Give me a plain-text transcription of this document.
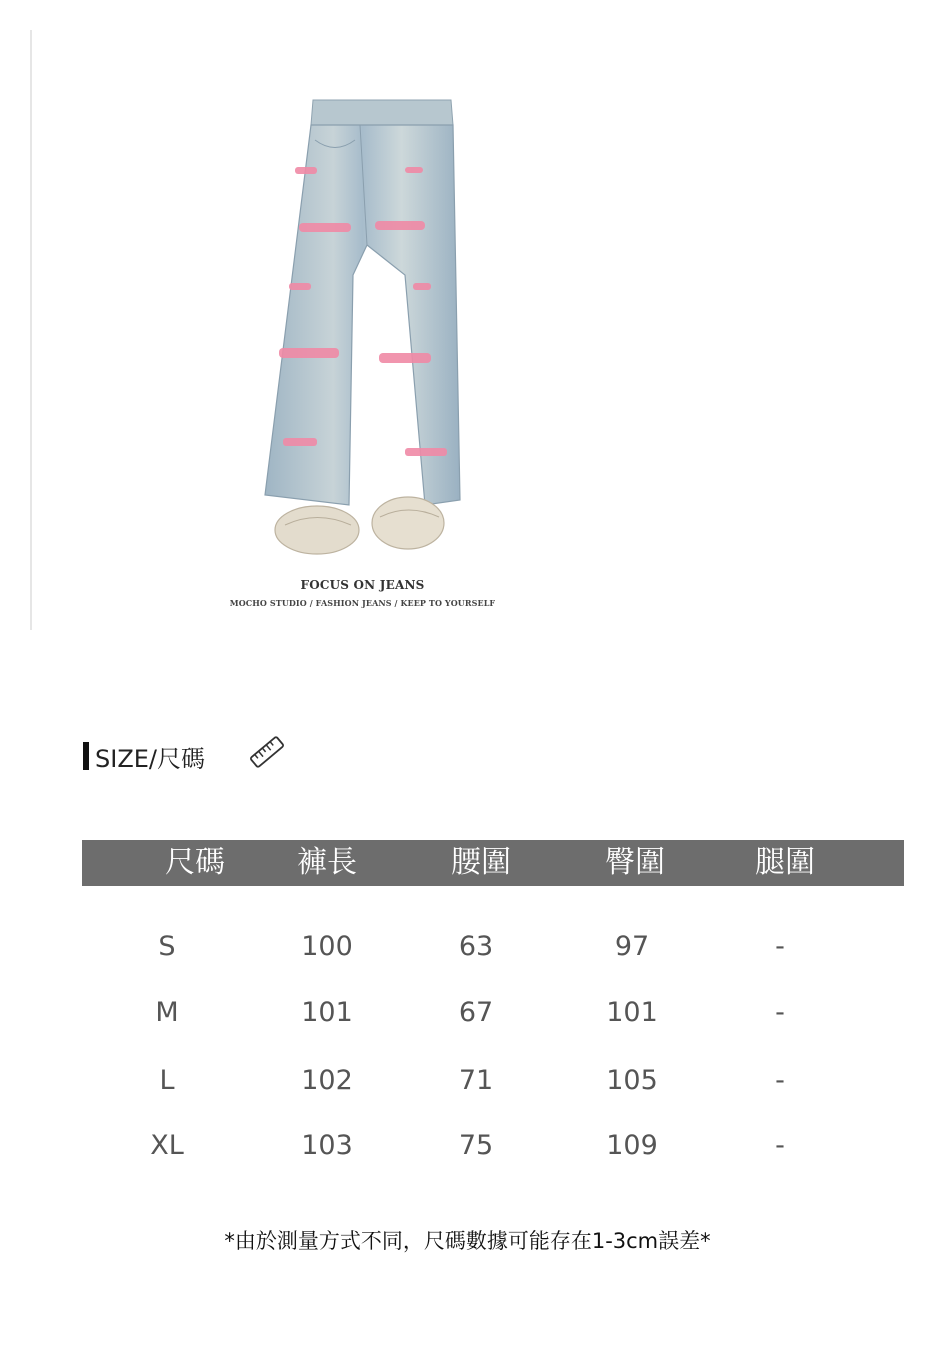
FOCUS ON JEANS
MOCHO STUDIO / FASHION JEANS / KEEP TO YOURSELF
SIZE/尺碼
尺碼	褲長	腰圍	臀圍	腿圍
S	100	63	97	-
M	101	67	101	-
L	102	71	105	-
XL	103	75	109	-
*由於測量方式不同，尺碼數據可能存在1-3cm誤差*
